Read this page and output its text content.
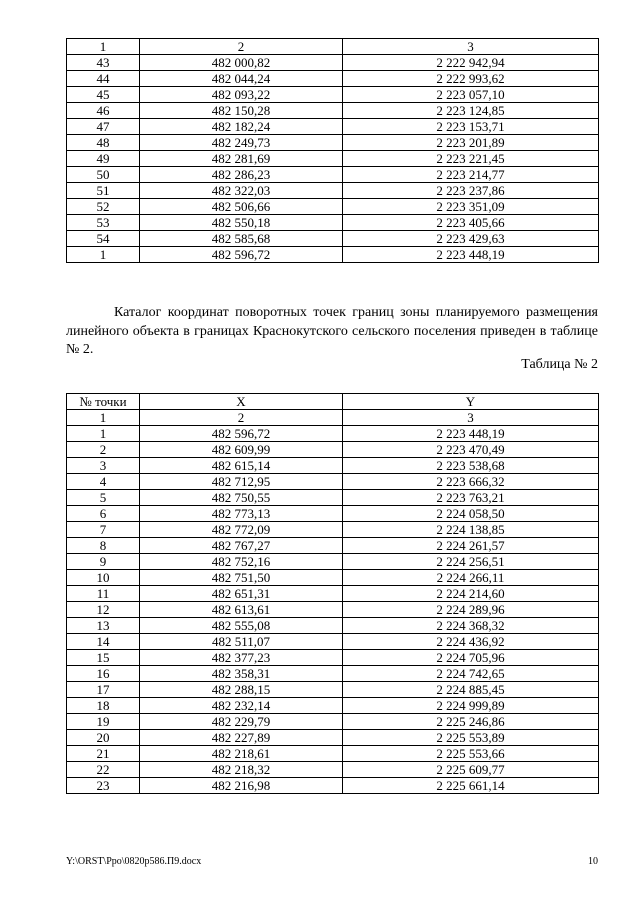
1	2	3
43	482 000,82	2 222 942,94
44	482 044,24	2 222 993,62
45	482 093,22	2 223 057,10
46	482 150,28	2 223 124,85
47	482 182,24	2 223 153,71
48	482 249,73	2 223 201,89
49	482 281,69	2 223 221,45
50	482 286,23	2 223 214,77
51	482 322,03	2 223 237,86
52	482 506,66	2 223 351,09
53	482 550,18	2 223 405,66
54	482 585,68	2 223 429,63
1	482 596,72	2 223 448,19

Каталог координат поворотных точек границ зоны планируемого размещения линейного объекта в границах Краснокутского сельского поселения приведен в таблице № 2.

Таблица № 2
№ точки	X	Y
1	2	3
1	482 596,72	2 223 448,19
2	482 609,99	2 223 470,49
3	482 615,14	2 223 538,68
4	482 712,95	2 223 666,32
5	482 750,55	2 223 763,21
6	482 773,13	2 224 058,50
7	482 772,09	2 224 138,85
8	482 767,27	2 224 261,57
9	482 752,16	2 224 256,51
10	482 751,50	2 224 266,11
11	482 651,31	2 224 214,60
12	482 613,61	2 224 289,96
13	482 555,08	2 224 368,32
14	482 511,07	2 224 436,92
15	482 377,23	2 224 705,96
16	482 358,31	2 224 742,65
17	482 288,15	2 224 885,45
18	482 232,14	2 224 999,89
19	482 229,79	2 225 246,86
20	482 227,89	2 225 553,89
21	482 218,61	2 225 553,66
22	482 218,32	2 225 609,77
23	482 216,98	2 225 661,14
Y:\ORST\Ppo\0820p586.П9.docx	10
